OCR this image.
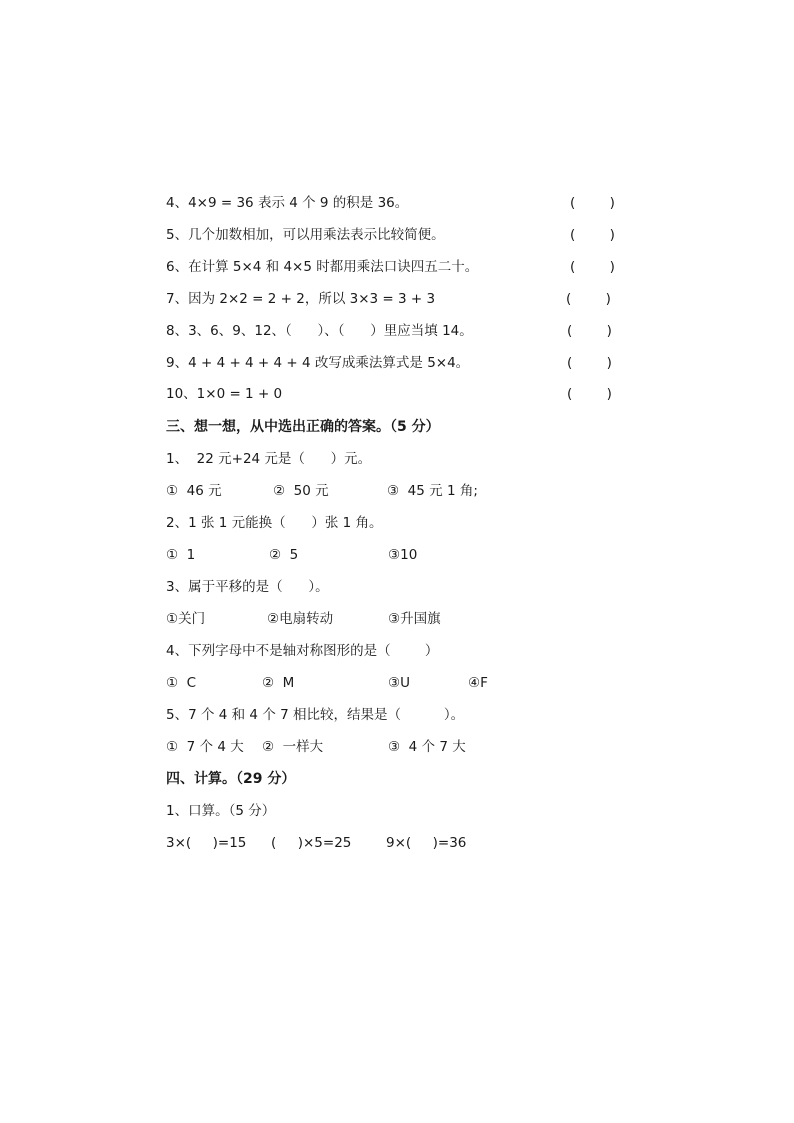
4、4×9 = 36 表示 4 个 9 的积是 36。

	(        )

5、几个加数相加，可以用乘法表示比较简便。

	(        )

6、在计算 5×4 和 4×5 时都用乘法口诀四五二十。

	(        )

7、因为 2×2 = 2 + 2，所以 3×3 = 3 + 3

	(        )

8、3、6、9、12、（      ）、（      ）里应当填 14。

	(        )

9、4 + 4 + 4 + 4 + 4 改写成乘法算式是 5×4。

	(        )

10、1×0 = 1 + 0

	(        )

三、想一想，从中选出正确的答案。（5 分）
1、  22 元+24 元是（      ）元。

①  46 元

	②  50 元

	③  45 元 1 角;

2、1 张 1 元能换（      ）张 1 角。

①  1

	②  5

	③10

3、属于平移的是（      ）。

①关门

	②电扇转动

	③升国旗

4、下列字母中不是轴对称图形的是（        ）

①  C

	②  M

	③U

	④F

5、7 个 4 和 4 个 7 相比较，结果是（          ）。

①  7 个 4 大

②  一样大

	③  4 个 7 大

四、计算。（29 分）
1、口算。（5 分）

3×(     )=15

(     )×5=25

	9×(     )=36
